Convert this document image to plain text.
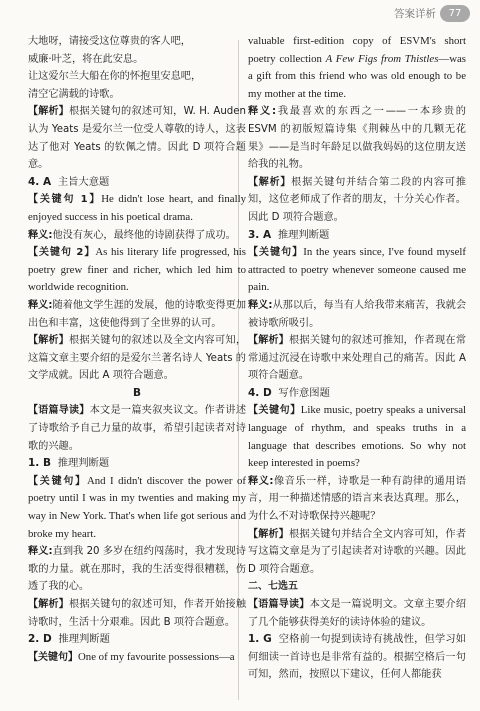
答案详析	77

大地呀，请接受这位尊贵的客人吧，

威廉·叶芝，将在此安息。

让这爱尔兰大船在你的怀抱里安息吧，

清空它满载的诗歌。

【解析】根据关键句的叙述可知，W. H. Auden 认为 Yeats 是爱尔兰一位受人尊敬的诗人，这表达了他对 Yeats 的钦佩之情。因此 D 项符合题意。

4. A 主旨大意题

【关键句 1】He didn't lose heart, and finally enjoyed success in his poetical drama.

释义:他没有灰心，最终他的诗剧获得了成功。

【关键句 2】As his literary life progressed, his poetry grew finer and richer, which led him to worldwide recognition.

释义:随着他文学生涯的发展，他的诗歌变得更加出色和丰富，这使他得到了全世界的认可。

【解析】根据关键句的叙述以及全文内容可知，这篇文章主要介绍的是爱尔兰著名诗人 Yeats 的文学成就。因此 A 项符合题意。

B

【语篇导读】本文是一篇夹叙夹议文。作者讲述了诗歌给予自己力量的故事，希望引起读者对诗歌的兴趣。

1. B 推理判断题

【关键句】And I didn't discover the power of poetry until I was in my twenties and making my way in New York. That's when life got serious and broke my heart.

释义:直到我 20 多岁在纽约闯荡时，我才发现诗歌的力量。就在那时，我的生活变得很糟糕，伤透了我的心。

【解析】根据关键句的叙述可知，作者开始接触诗歌时，生活十分艰难。因此 B 项符合题意。

2. D 推理判断题

【关键句】One of my favourite possessions—a

valuable first-edition copy of ESVM's short poetry collection A Few Figs from Thistles—was a gift from this friend who was old enough to be my mother at the time.

释义:我最喜欢的东西之一——一本珍贵的 ESVM 的初版短篇诗集《荆棘丛中的几颗无花果》——是当时年龄足以做我妈妈的这位朋友送给我的礼物。

【解析】根据关键句并结合第二段的内容可推知，这位老师成了作者的朋友，十分关心作者。因此 D 项符合题意。

3. A 推理判断题

【关键句】In the years since, I've found myself attracted to poetry whenever someone caused me pain.

释义:从那以后，每当有人给我带来痛苦，我就会被诗歌所吸引。

【解析】根据关键句的叙述可推知，作者现在常常通过沉浸在诗歌中来处理自己的痛苦。因此 A 项符合题意。

4. D 写作意图题

【关键句】Like music, poetry speaks a universal language of rhythm, and speaks truths in a language that describes emotions. So why not keep interested in poems?

释义:像音乐一样，诗歌是一种有韵律的通用语言，用一种描述情感的语言来表达真理。那么，为什么不对诗歌保持兴趣呢？

【解析】根据关键句并结合全文内容可知，作者写这篇文章是为了引起读者对诗歌的兴趣。因此 D 项符合题意。

二、七选五

【语篇导读】本文是一篇说明文。文章主要介绍了几个能够获得美好的读诗体验的建议。

1. G 空格前一句提到读诗有挑战性，但学习如何细读一首诗也是非常有益的。根据空格后一句可知，然而，按照以下建议，任何人都能获
